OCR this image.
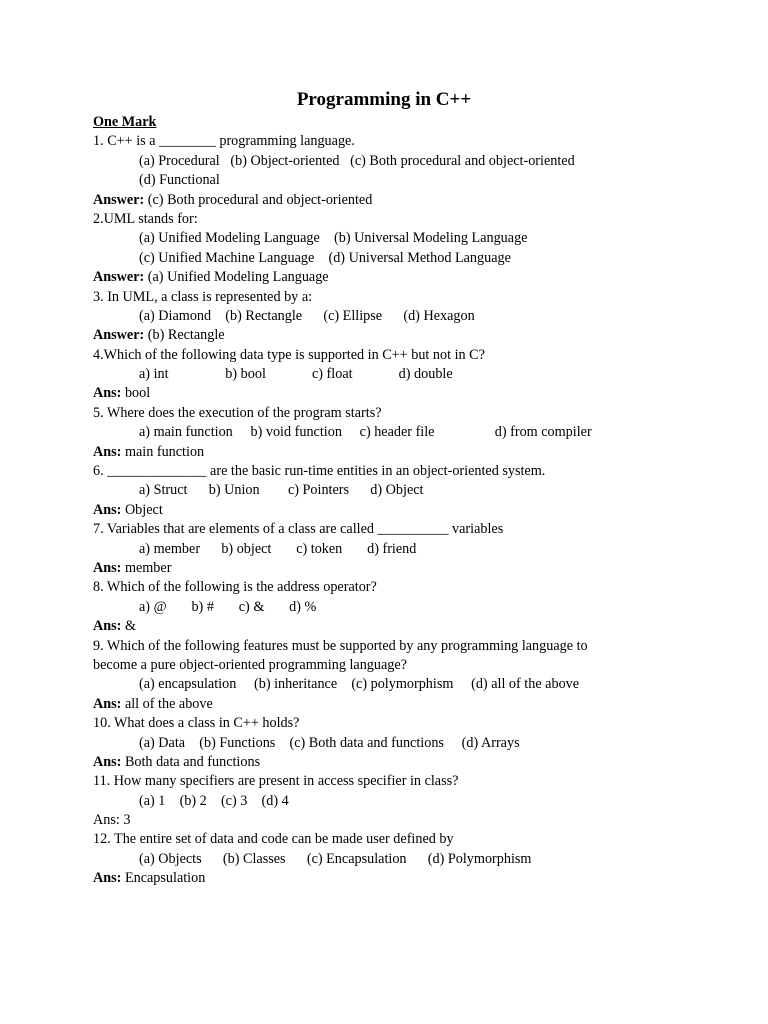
Programming in C++
One Mark
1. C++ is a ________ programming language.
(a) Procedural   (b) Object-oriented   (c) Both procedural and object-oriented
(d) Functional
Answer: (c) Both procedural and object-oriented
2.UML stands for:
(a) Unified Modeling Language    (b) Universal Modeling Language
(c) Unified Machine Language    (d) Universal Method Language
Answer: (a) Unified Modeling Language
3. In UML, a class is represented by a:
(a) Diamond    (b) Rectangle      (c) Ellipse      (d) Hexagon
Answer: (b) Rectangle
4.Which of the following data type is supported in C++ but not in C?
a) int                b) bool             c) float             d) double
Ans: bool
5. Where does the execution of the program starts?
a) main function     b) void function     c) header file                 d) from compiler
Ans: main function
6. ______________ are the basic run-time entities in an object-oriented system.
a) Struct      b) Union        c) Pointers      d) Object
Ans: Object
7. Variables that are elements of a class are called __________ variables
a) member      b) object       c) token       d) friend
Ans: member
8. Which of the following is the address operator?
a) @       b) #       c) &       d) %
Ans: &
9. Which of the following features must be supported by any programming language to
become a pure object-oriented programming language?
(a) encapsulation     (b) inheritance    (c) polymorphism     (d) all of the above
Ans: all of the above
10. What does a class in C++ holds?
(a) Data    (b) Functions    (c) Both data and functions     (d) Arrays
Ans: Both data and functions
11. How many specifiers are present in access specifier in class?
(a) 1    (b) 2    (c) 3    (d) 4
Ans: 3
12. The entire set of data and code can be made user defined by
(a) Objects      (b) Classes      (c) Encapsulation      (d) Polymorphism
Ans: Encapsulation
